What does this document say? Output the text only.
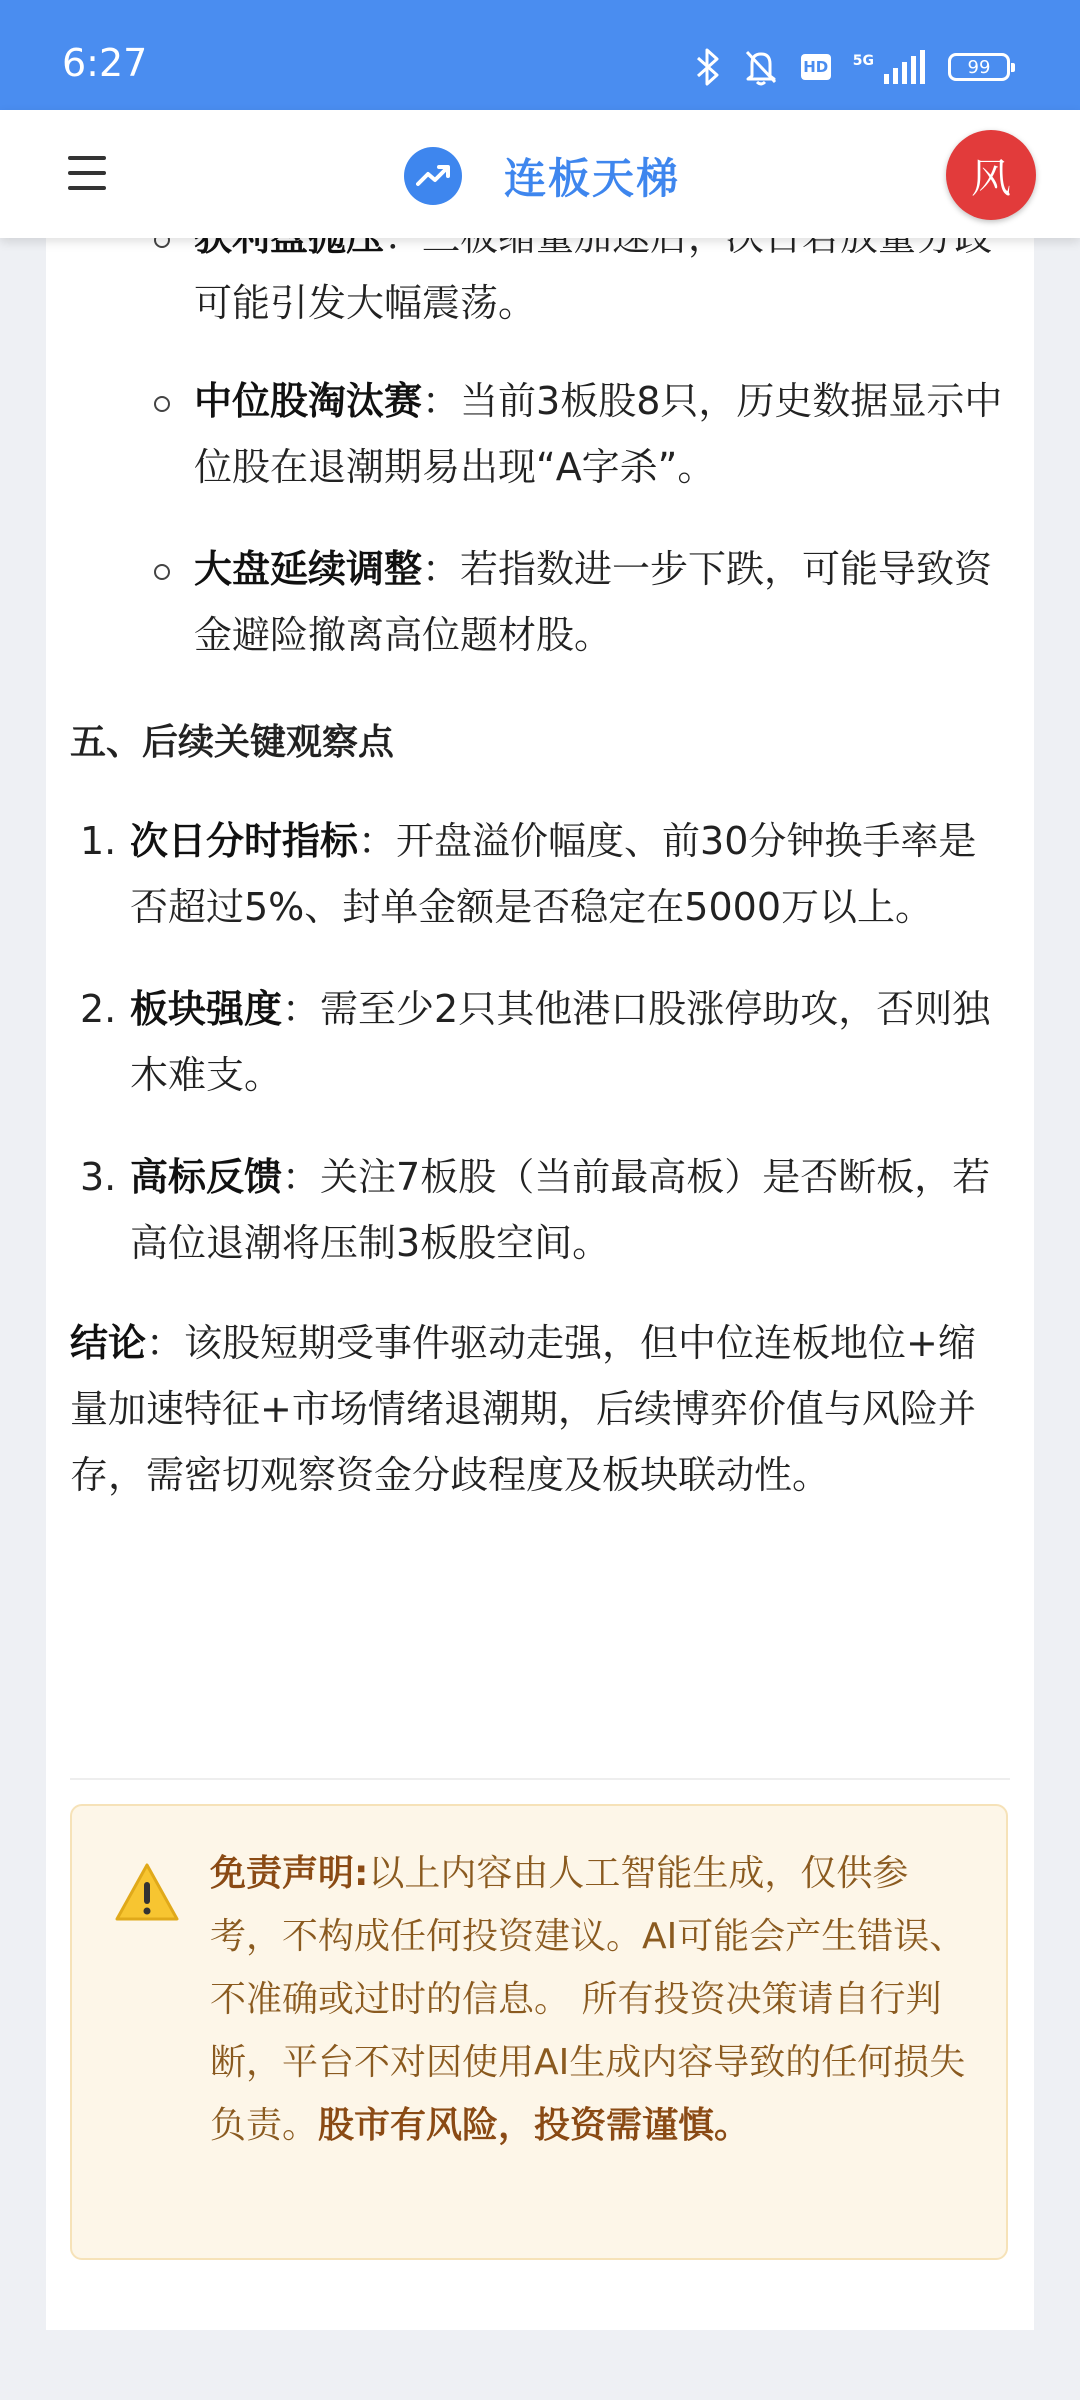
6:27	HD 5G	99
连板天梯	风
可能引发大幅震荡。
中位股淘汰赛：当前3板股8只，历史数据显示中位股在退潮期易出现“A字杀”。
大盘延续调整：若指数进一步下跌，可能导致资金避险撤离高位题材股。
五、后续关键观察点
1. 次日分时指标：开盘溢价幅度、前30分钟换手率是否超过5%、封单金额是否稳定在5000万以上。
2. 板块强度：需至少2只其他港口股涨停助攻，否则独木难支。
3. 高标反馈：关注7板股（当前最高板）是否断板，若高位退潮将压制3板股空间。
结论：该股短期受事件驱动走强，但中位连板地位+缩量加速特征+市场情绪退潮期，后续博弈价值与风险并存，需密切观察资金分歧程度及板块联动性。
免责声明:以上内容由人工智能生成，仅供参考，不构成任何投资建议。AI可能会产生错误、不准确或过时的信息。 所有投资决策请自行判断，平台不对因使用AI生成内容导致的任何损失负责。股市有风险，投资需谨慎。
